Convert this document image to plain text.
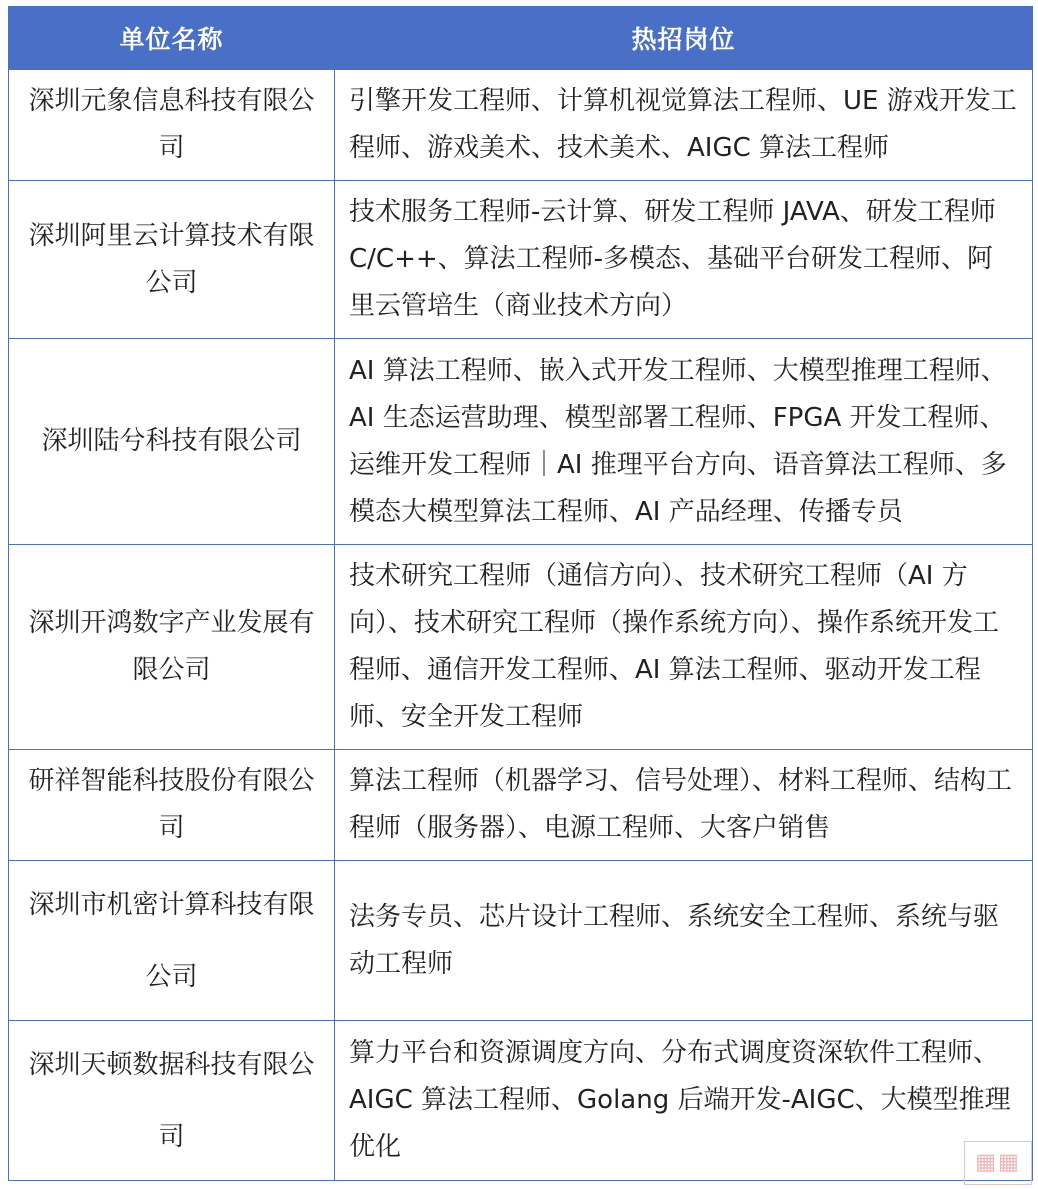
单位名称	热招岗位
深圳元象信息科技有限公司	引擎开发工程师、计算机视觉算法工程师、UE 游戏开发工程师、游戏美术、技术美术、AIGC 算法工程师
深圳阿里云计算技术有限公司	技术服务工程师-云计算、研发工程师 JAVA、研发工程师 C/C++、算法工程师-多模态、基础平台研发工程师、阿里云管培生（商业技术方向）
深圳陆兮科技有限公司	AI 算法工程师、嵌入式开发工程师、大模型推理工程师、AI 生态运营助理、模型部署工程师、FPGA 开发工程师、运维开发工程师｜AI 推理平台方向、语音算法工程师、多模态大模型算法工程师、AI 产品经理、传播专员
深圳开鸿数字产业发展有限公司	技术研究工程师（通信方向）、技术研究工程师（AI 方向）、技术研究工程师（操作系统方向）、操作系统开发工程师、通信开发工程师、AI 算法工程师、驱动开发工程师、安全开发工程师
研祥智能科技股份有限公司	算法工程师（机器学习、信号处理）、材料工程师、结构工程师（服务器）、电源工程师、大客户销售
深圳市机密计算科技有限公司	法务专员、芯片设计工程师、系统安全工程师、系统与驱动工程师
深圳天顿数据科技有限公司	算力平台和资源调度方向、分布式调度资深软件工程师、AIGC 算法工程师、Golang 后端开发-AIGC、大模型推理优化
▦▦
